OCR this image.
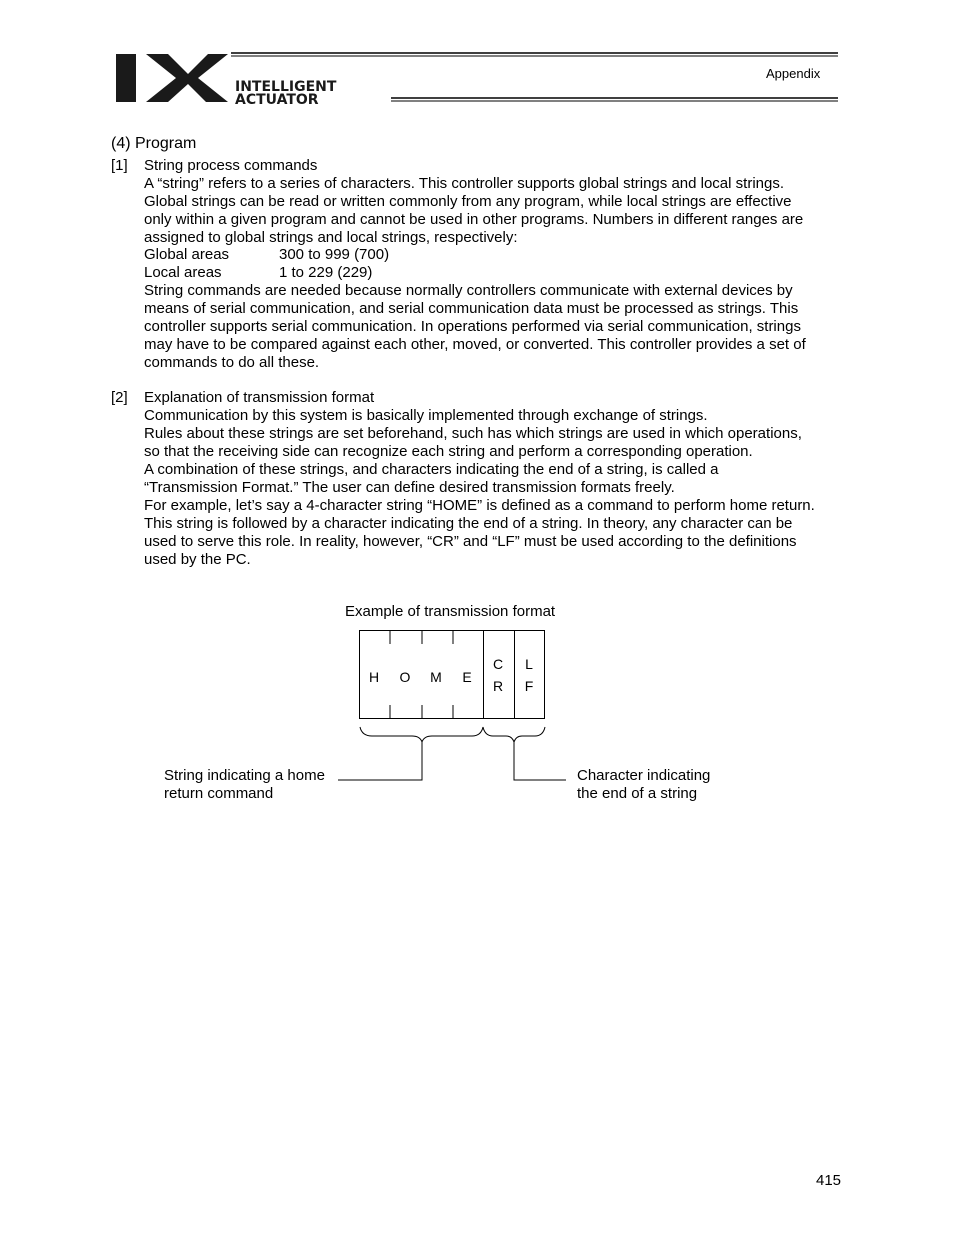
INTELLIGENT
ACTUATOR
Appendix
(4) Program
[1] String process commands
A “string” refers to a series of characters. This controller supports global strings and local strings.
Global strings can be read or written commonly from any program, while local strings are effective
only within a given program and cannot be used in other programs. Numbers in different ranges are
assigned to global strings and local strings, respectively:
Global areas	300 to 999 (700)
Local areas	1 to 229 (229)
String commands are needed because normally controllers communicate with external devices by
means of serial communication, and serial communication data must be processed as strings. This
controller supports serial communication. In operations performed via serial communication, strings
may have to be compared against each other, moved, or converted. This controller provides a set of
commands to do all these.
[2] Explanation of transmission format
Communication by this system is basically implemented through exchange of strings.
Rules about these strings are set beforehand, such has which strings are used in which operations,
so that the receiving side can recognize each string and perform a corresponding operation.
A combination of these strings, and characters indicating the end of a string, is called a
“Transmission Format.” The user can define desired transmission formats freely.
For example, let’s say a 4-character string “HOME” is defined as a command to perform home return.
This string is followed by a character indicating the end of a string. In theory, any character can be
used to serve this role. In reality, however, “CR” and “LF” must be used according to the definitions
used by the PC.
Example of transmission format
H O M E
C
R
L
F
String indicating a home
return command
Character indicating
the end of a string
415
